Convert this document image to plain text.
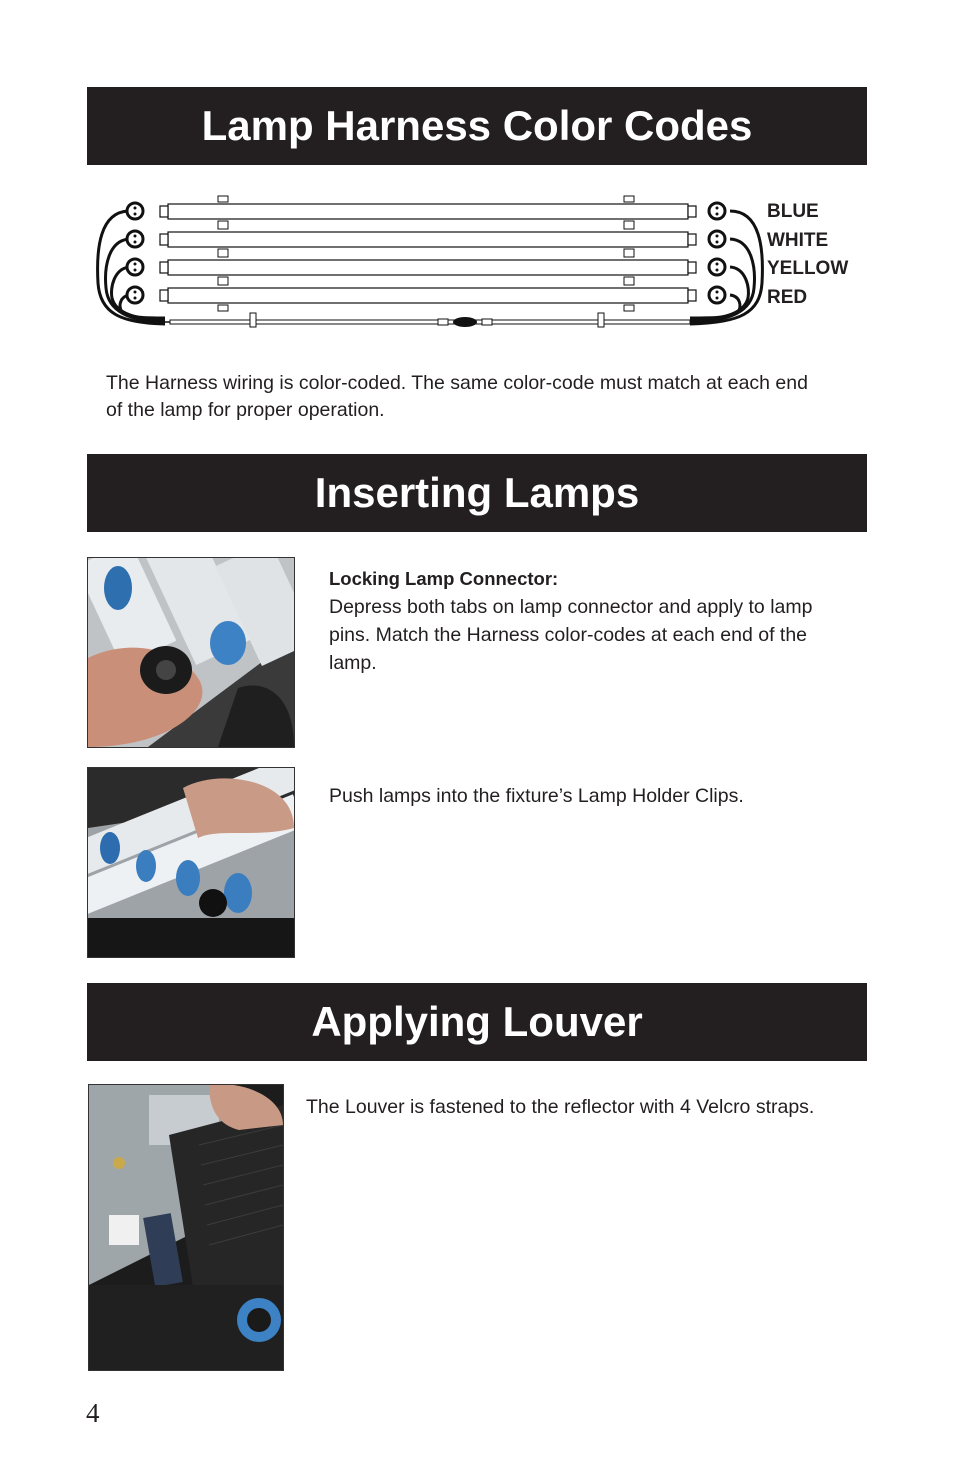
Lamp Harness Color Codes
BLUE
WHITE
YELLOW
RED
The Harness wiring is color-coded. The same color-code must match at each end of the lamp for proper operation.
Inserting Lamps
Locking Lamp Connector:
Depress both tabs on lamp connector and apply to lamp pins. Match the Harness color-codes at each end of the lamp.
Push lamps into the fixture’s Lamp Holder Clips.
Applying Louver
The Louver is fastened to the reflector with 4 Velcro straps.
4
